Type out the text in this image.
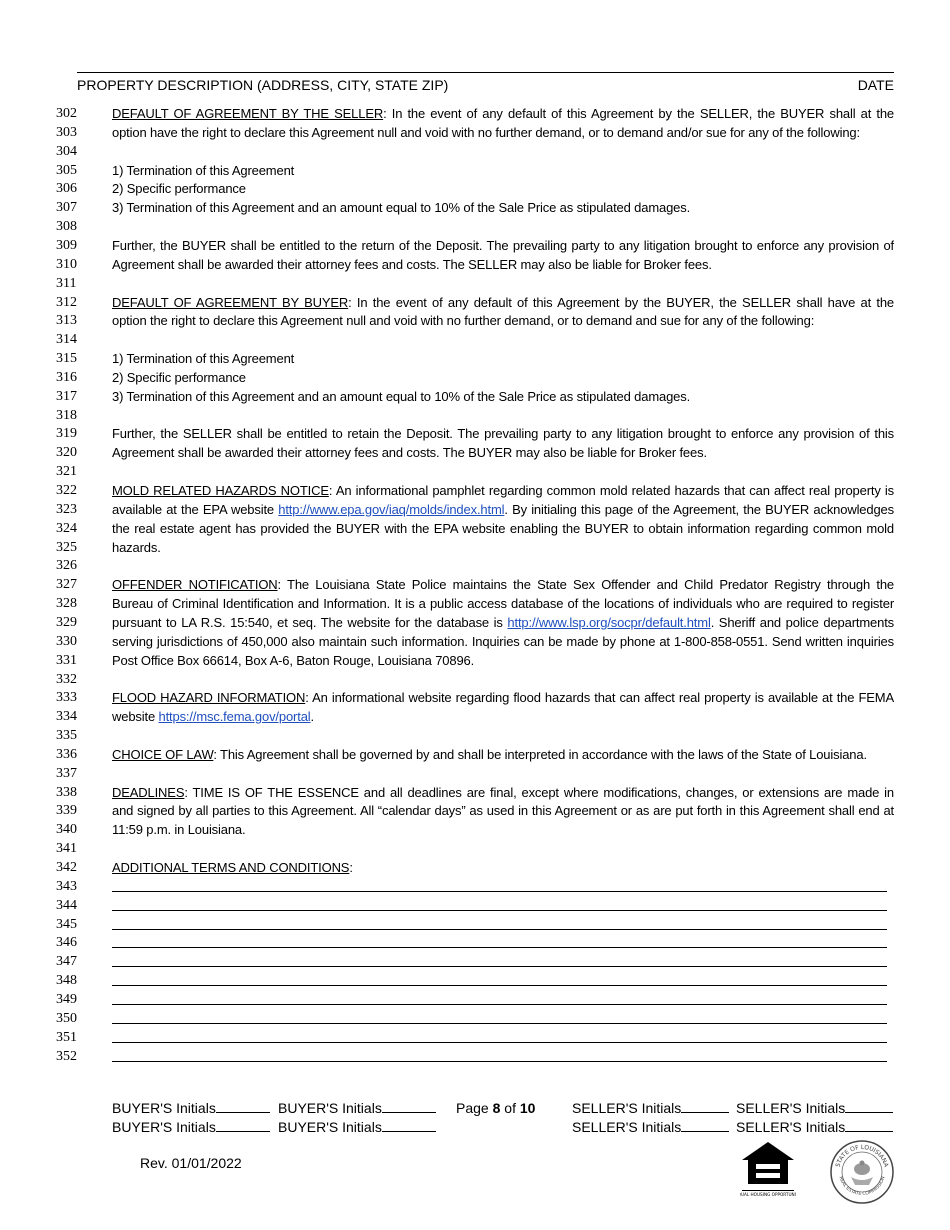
PROPERTY DESCRIPTION (ADDRESS, CITY, STATE ZIP)	DATE
302	DEFAULT OF AGREEMENT BY THE SELLER: In the event of any default of this Agreement by the SELLER, the BUYER shall at the
303	option have the right to declare this Agreement null and void with no further demand, or to demand and/or sue for any of the following:
304
305	1) Termination of this Agreement
306	2) Specific performance
307	3) Termination of this Agreement and an amount equal to 10% of the Sale Price as stipulated damages.
308
309	Further, the BUYER shall be entitled to the return of the Deposit. The prevailing party to any litigation brought to enforce any provision of
310	Agreement shall be awarded their attorney fees and costs. The SELLER may also be liable for Broker fees.
311
312	DEFAULT OF AGREEMENT BY BUYER: In the event of any default of this Agreement by the BUYER, the SELLER shall have at the
313	option the right to declare this Agreement null and void with no further demand, or to demand and sue for any of the following:
314
315	1) Termination of this Agreement
316	2) Specific performance
317	3) Termination of this Agreement and an amount equal to 10% of the Sale Price as stipulated damages.
318
319	Further, the SELLER shall be entitled to retain the Deposit. The prevailing party to any litigation brought to enforce any provision of this
320	Agreement shall be awarded their attorney fees and costs. The BUYER may also be liable for Broker fees.
321
322	MOLD RELATED HAZARDS NOTICE: An informational pamphlet regarding common mold related hazards that can affect real property is
323	available at the EPA website http://www.epa.gov/iaq/molds/index.html. By initialing this page of the Agreement, the BUYER acknowledges
324	the real estate agent has provided the BUYER with the EPA website enabling the BUYER to obtain information regarding common mold
325	hazards.
326
327	OFFENDER NOTIFICATION: The Louisiana State Police maintains the State Sex Offender and Child Predator Registry through the
328	Bureau of Criminal Identification and Information. It is a public access database of the locations of individuals who are required to register
329	pursuant to LA R.S. 15:540, et seq. The website for the database is http://www.lsp.org/socpr/default.html. Sheriff and police departments
330	serving jurisdictions of 450,000 also maintain such information. Inquiries can be made by phone at 1-800-858-0551. Send written inquiries
331	Post Office Box 66614, Box A-6, Baton Rouge, Louisiana 70896.
332
333	FLOOD HAZARD INFORMATION: An informational website regarding flood hazards that can affect real property is available at the FEMA
334	website https://msc.fema.gov/portal.
335
336	CHOICE OF LAW: This Agreement shall be governed by and shall be interpreted in accordance with the laws of the State of Louisiana.
337
338	DEADLINES: TIME IS OF THE ESSENCE and all deadlines are final, except where modifications, changes, or extensions are made in
339	and signed by all parties to this Agreement. All “calendar days” as used in this Agreement or as are put forth in this Agreement shall end at
340	11:59 p.m. in Louisiana.
341
342	ADDITIONAL TERMS AND CONDITIONS:
343
344
345
346
347
348
349
350
351
352
BUYER'S Initials	BUYER'S Initials	Page 8 of 10	SELLER'S Initials	SELLER'S Initials
BUYER'S Initials	BUYER'S Initials	SELLER'S Initials	SELLER'S Initials
Rev. 01/01/2022
UAL HOUSING OPPORTUN
STATE OF LOUISIANA
REAL ESTATE COMMISSION
